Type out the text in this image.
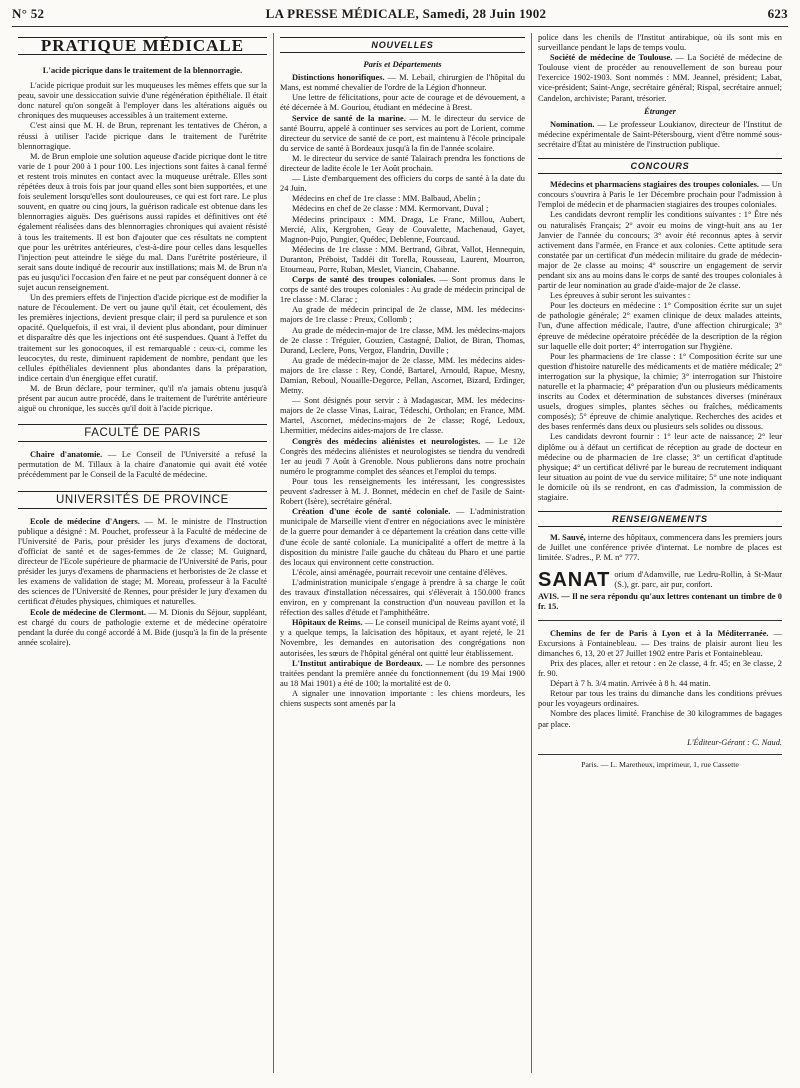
N° 52	LA PRESSE MÉDICALE, Samedi, 28 Juin 1902	623
PRATIQUE MÉDICALE
L'acide picrique dans le traitement de la blennorragie.

L'acide picrique produit sur les muqueuses les mêmes effets que sur la peau, savoir une dessiccation suivie d'une régénération épithéliale. Il était donc naturel qu'on songeât à l'employer dans les altérations aiguës ou chroniques des muqueuses accessibles à un traitement externe.

C'est ainsi que M. H. de Brun, reprenant les tentatives de Chéron, a réussi à utiliser l'acide picrique dans le traitement de l'urétrite blennorragique.

M. de Brun emploie une solution aqueuse d'acide picrique dont le titre varie de 1 pour 200 à 1 pour 100. Les injections sont faites à canal fermé et restent trois minutes en contact avec la muqueuse urétrale. Elles sont répétées deux à trois fois par jour quand elles sont bien supportées, et une fois seulement lorsqu'elles sont douloureuses, ce qui est fort rare. Le plus souvent, en quatre ou cinq jours, la guérison radicale est obtenue dans les blennorragies aiguës. Des guérisons aussi rapides et définitives ont été également réalisées dans des blennorragies chroniques qui avaient résisté à tous les traitements. Il est bon d'ajouter que ces résultats ne comptent que pour les urétrites antérieures, c'est-à-dire pour celles dans lesquelles l'injection peut atteindre le siège du mal. Dans l'urétrite postérieure, il serait sans doute indiqué de recourir aux instillations; mais M. de Brun n'a pas eu jusqu'ici l'occasion d'en faire et ne peut par conséquent donner à ce sujet aucun renseignement.

Un des premiers effets de l'injection d'acide picrique est de modifier la nature de l'écoulement. De vert ou jaune qu'il était, cet écoulement, dès les premières injections, devient presque clair; il perd sa purulence et son opacité. Quelquefois, il est vrai, il devient plus abondant, pour diminuer et disparaître dès que les injections ont été suspendues. Quant à l'effet du traitement sur les gonocoques, il est remarquable : ceux-ci, comme les leucocytes, du reste, diminuent rapidement de nombre, pendant que les cellules épithéliales deviennent plus abondantes dans la préparation, indice certain d'un énergique effet curatif.

M. de Brun déclare, pour terminer, qu'il n'a jamais obtenu jusqu'à présent par aucun autre procédé, dans le traitement de l'urétrite antérieure aiguë ou chronique, les succès qu'il doit à l'acide picrique.

FACULTÉ DE PARIS

Chaire d'anatomie. — Le Conseil de l'Université a refusé la permutation de M. Tillaux à la chaire d'anatomie qui avait été votée précédemment par le Conseil de la Faculté de médecine.

UNIVERSITÉS DE PROVINCE

Ecole de médecine d'Angers. — M. le ministre de l'Instruction publique a désigné : M. Pouchet, professeur à la Faculté de médecine de l'Université de Paris, pour présider les jurys d'examens de doctorat, d'officiat de santé et de sages-femmes de 2e classe; M. Guignard, directeur de l'Ecole supérieure de pharmacie de l'Université de Paris, pour présider les jurys d'examens de pharmaciens et herboristes de 2e classe et les examens de validation de stage; M. Moreau, professeur à la Faculté des sciences de l'Université de Rennes, pour présider le jury d'examen du certificat d'études physiques, chimiques et naturelles.

Ecole de médecine de Clermont. — M. Dionis du Séjour, suppléant, est chargé du cours de pathologie externe et de médecine opératoire pendant la durée du congé accordé à M. Bide (jusqu'à la fin de la présente année scolaire).

NOUVELLES
Paris et Départements

Distinctions honorifiques. — M. Lebail, chirurgien de l'hôpital du Mans, est nommé chevalier de l'ordre de la Légion d'honneur.

Une lettre de félicitations, pour acte de courage et de dévouement, a été décernée à M. Gouriou, étudiant en médecine à Brest.

Service de santé de la marine. — M. le directeur du service de santé Bourru, appelé à continuer ses services au port de Lorient, comme directeur du service de santé de ce port, est maintenu à l'école principale du service de santé à Bordeaux jusqu'à la fin de l'année scolaire.

M. le directeur du service de santé Talairach prendra les fonctions de directeur de ladite école le 1er Août prochain.

— Liste d'embarquement des officiers du corps de santé à la date du 24 Juin.

Médecins en chef de 1re classe : MM. Balbaud, Abelin ;

Médecins en chef de 2e classe : MM. Kermorvant, Duval ;

Médecins principaux : MM. Draga, Le Franc, Millou, Aubert, Mercié, Alix, Kergrohen, Geay de Couvalette, Machenaud, Gayet, Magnon-Pujo, Pungier, Quédec, Deblenne, Fourcaud.

Médecins de 1re classe : MM. Bertrand, Gibrat, Vallot, Hennequin, Duranton, Préboist, Taddéi dit Torella, Rousseau, Laurent, Mourron, Etourneau, Porre, Ruban, Meslet, Viancin, Chabanne.

Corps de santé des troupes coloniales. — Sont promus dans le corps de santé des troupes coloniales : Au grade de médecin principal de 1re classe : M. Clarac ;

Au grade de médecin principal de 2e classe, MM. les médecins-majors de 1re classe : Preux, Collomb ;

Au grade de médecin-major de 1re classe, MM. les médecins-majors de 2e classe : Tréguier, Gouzien, Castagné, Daliot, de Biran, Thomas, Durand, Leclere, Pons, Vergoz, Flandrin, Duville ;

Au grade de médecin-major de 2e classe, MM. les médecins aides-majors de 1re classe : Rey, Condé, Bartarel, Arnould, Rapue, Mesny, Damian, Reboul, Nouaille-Degorce, Pellan, Ascornet, Bizard, Erdinger, Metny.

— Sont désignés pour servir : à Madagascar, MM. les médecins-majors de 2e classe Vinas, Lairac, Tédeschi, Ortholan; en France, MM. Martel, Ascornet, médecins-majors de 2e classe; Rogé, Ledoux, Lhermitier, médecins aides-majors de 1re classe.

Congrès des médecins aliénistes et neurologistes. — Le 12e Congrès des médecins aliénistes et neurologistes se tiendra du vendredi 1er au jeudi 7 Août à Grenoble. Nous publierons dans notre prochain numéro le programme complet des séances et l'emploi du temps.

Pour tous les renseignements les intéressant, les congressistes peuvent s'adresser à M. J. Bonnet, médecin en chef de l'asile de Saint-Robert (Isère), secrétaire général.

Création d'une école de santé coloniale. — L'administration municipale de Marseille vient d'entrer en négociations avec le ministère de la guerre pour demander à ce département la création dans cette ville d'une école de santé coloniale. La municipalité a offert de mettre à la disposition du ministre l'aile gauche du château du Pharo et une partie des locaux qui environnent cette construction.

L'école, ainsi aménagée, pourrait recevoir une centaine d'élèves.

L'administration municipale s'engage à prendre à sa charge le coût des travaux d'installation nécessaires, qui s'élèverait à 150.000 francs environ, en y comprenant la construction d'un nouveau pavillon et la réfection des salles d'étude et l'amphithéâtre.

Hôpitaux de Reims. — Le conseil municipal de Reims ayant voté, il y a quelque temps, la laïcisation des hôpitaux, et ayant rejeté, le 21 Novembre, les demandes en autorisation des congrégations non autorisées, les sœurs de l'hôpital général ont quitté leur établissement.

L'Institut antirabique de Bordeaux. — Le nombre des personnes traitées pendant la première année du fonctionnement (du 19 Mai 1900 au 18 Mai 1901) a été de 100; la mortalité est de 0.

A signaler une innovation importante : les chiens mordeurs, les chiens suspects sont amenés par la

police dans les chenils de l'Institut antirabique, où ils sont mis en surveillance pendant le laps de temps voulu.

Société de médecine de Toulouse. — La Société de médecine de Toulouse vient de procéder au renouvellement de son bureau pour l'exercice 1902-1903. Sont nommés : MM. Jeannel, président; Labat, vice-président; Saint-Ange, secrétaire général; Rispal, secrétaire annuel; Candelon, archiviste; Parant, trésorier.

Étranger

Nomination. — Le professeur Loukianov, directeur de l'Institut de médecine expérimentale de Saint-Pétersbourg, vient d'être nommé sous-secrétaire d'État au ministère de l'instruction publique.

CONCOURS

Médecins et pharmaciens stagiaires des troupes coloniales. — Un concours s'ouvrira à Paris le 1er Décembre prochain pour l'admission à l'emploi de médecin et de pharmacien stagiaires des troupes coloniales.

Les candidats devront remplir les conditions suivantes : 1° Être nés ou naturalisés Français; 2° avoir eu moins de vingt-huit ans au 1er Janvier de l'année du concours; 3° avoir été reconnus aptes à servir activement dans l'armée, en France et aux colonies. Cette aptitude sera constatée par un certificat d'un médecin militaire du grade de médecin-major de 2e classe au moins; 4° souscrire un engagement de servir pendant six ans au moins dans le corps de santé des troupes coloniales à partir de leur nomination au grade d'aide-major de 2e classe.

Les épreuves à subir seront les suivantes :

Pour les docteurs en médecine : 1° Composition écrite sur un sujet de pathologie générale; 2° examen clinique de deux malades atteints, l'un, d'une affection médicale, l'autre, d'une affection chirurgicale; 3° épreuve de médecine opératoire précédée de la description de la région sur laquelle elle doit porter; 4° interrogation sur l'hygiène.

Pour les pharmaciens de 1re classe : 1° Composition écrite sur une question d'histoire naturelle des médicaments et de matière médicale; 2° interrogation sur la physique, la chimie; 3° interrogation sur l'histoire naturelle et la pharmacie; 4° préparation d'un ou plusieurs médicaments inscrits au Codex et détermination de substances diverses (minéraux usuels, drogues simples, plantes sèches ou fraîches, médicaments composés); 5° épreuve de chimie analytique. Recherches des acides et des bases renfermés dans deux ou plusieurs sels solides ou dissous.

Les candidats devront fournir : 1° leur acte de naissance; 2° leur diplôme ou à défaut un certificat de réception au grade de docteur en médecine ou de pharmacien de 1re classe; 3° un certificat d'aptitude physique; 4° un certificat délivré par le bureau de recrutement indiquant leur situation au point de vue du service militaire; 5° une note indiquant le domicile où ils se rendront, en cas d'admission, la commission de stagiaire.

RENSEIGNEMENTS

M. Sauvé, interne des hôpitaux, commencera dans les premiers jours de Juillet une conférence privée d'internat. Le nombre de places est limitée. S'adres., P. M. n° 777.

SANAT orium d'Adamville, rue Ledru-Rollin, à St-Maur (S.), gr. parc, air pur, confort.

AVIS. — Il ne sera répondu qu'aux lettres contenant un timbre de 0 fr. 15.

Chemins de fer de Paris à Lyon et à la Méditerranée. — Excursions à Fontainebleau. — Des trains de plaisir auront lieu les dimanches 6, 13, 20 et 27 Juillet 1902 entre Paris et Fontainebleau.

Prix des places, aller et retour : en 2e classe, 4 fr. 45; en 3e classe, 2 fr. 90.

Départ à 7 h. 3/4 matin. Arrivée à 8 h. 44 matin.

Retour par tous les trains du dimanche dans les conditions prévues pour les voyageurs ordinaires.

Nombre des places limité. Franchise de 30 kilogrammes de bagages par place.

L'Éditeur-Gérant : C. Naud.
Paris. — L. Maretheux, imprimeur, 1, rue Cassette
